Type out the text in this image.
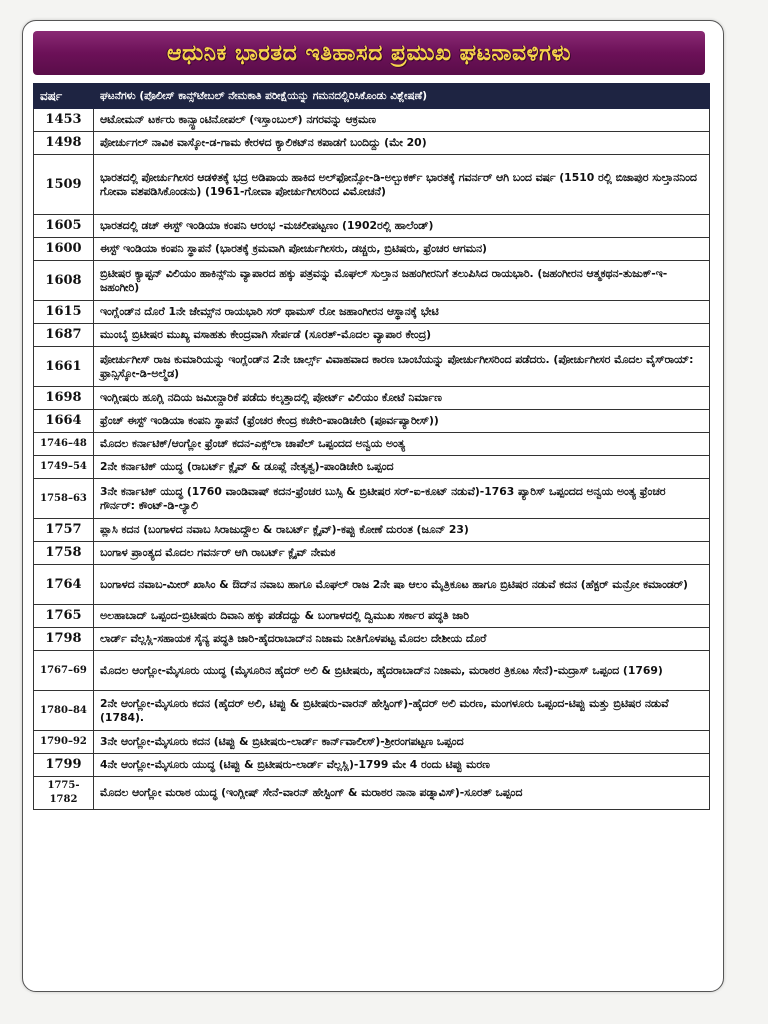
ಆಧುನಿಕ ಭಾರತದ ಇತಿಹಾಸದ ಪ್ರಮುಖ ಘಟನಾವಳಿಗಳು
ವರ್ಷ	ಘಟನೆಗಳು (ಪೊಲೀಸ್ ಕಾನ್ಸ್‌ಟೇಬಲ್ ನೇಮಕಾತಿ ಪರೀಕ್ಷೆಯನ್ನು ಗಮನದಲ್ಲಿರಿಸಿಕೊಂಡು ವಿಶ್ಲೇಷಣೆ)
1453	ಆಟೋಮನ್ ಟರ್ಕರು ಕಾನ್ಸ್ಟಾಂಟಿನೋಪಲ್ (ಇಸ್ತಾಂಬುಲ್) ನಗರವನ್ನು ಆಕ್ರಮಣ
1498	ಪೋರ್ಚುಗಲ್ ನಾವಿಕ ವಾಸ್ಕೋ-ಡ-ಗಾಮ ಕೇರಳದ ಕ್ಯಾಲಿಕಟ್‌ನ ಕಪಾಡಗೆ ಬಂದಿದ್ದು (ಮೇ 20)
1509	ಭಾರತದಲ್ಲಿ ಪೋರ್ಚುಗೀಸರ ಆಡಳಿತಕ್ಕೆ ಭದ್ರ ಅಡಿಪಾಯ ಹಾಕಿದ ಅಲ್‌ಫೋನ್ಸೋ-ಡಿ-ಅಲ್ಬುಕರ್ಕ್ ಭಾರತಕ್ಕೆ ಗವರ್ನರ್ ಆಗಿ ಬಂದ ವರ್ಷ (1510 ರಲ್ಲಿ ಬಿಜಾಪುರ ಸುಲ್ತಾನನಿಂದ ಗೋವಾ ವಶಪಡಿಸಿಕೊಂಡನು) (1961-ಗೋವಾ ಪೋರ್ಚುಗೀಸರಿಂದ ವಿಮೋಚನೆ)
1605	ಭಾರತದಲ್ಲಿ ಡಚ್ ಈಸ್ಟ್ ಇಂಡಿಯಾ ಕಂಪನಿ ಆರಂಭ -ಮಚಲೀಪಟ್ಟಣಂ (1902ರಲ್ಲಿ ಹಾಲೆಂಡ್)
1600	ಈಸ್ಟ್ ಇಂಡಿಯಾ ಕಂಪನಿ ಸ್ಥಾಪನೆ (ಭಾರತಕ್ಕೆ ಕ್ರಮವಾಗಿ ಪೋರ್ಚುಗೀಸರು, ಡಚ್ಚರು, ಬ್ರಿಟಿಷರು, ಫ್ರೆಂಚರ ಆಗಮನ)
1608	ಬ್ರಿಟೀಷರ ಕ್ಯಾಪ್ಟನ್ ವಿಲಿಯಂ ಹಾಕಿನ್ಸ್‌ನು ವ್ಯಾಪಾರದ ಹಕ್ಕು ಪತ್ರವನ್ನು ಮೊಘಲ್ ಸುಲ್ತಾನ ಜಹಂಗೀರನಿಗೆ ತಲುಪಿಸಿದ ರಾಯಭಾರಿ. (ಜಹಂಗೀರನ ಆತ್ಮಕಥನ-ತುಜುಕ್-ಇ-ಜಹಂಗೀರಿ)
1615	ಇಂಗ್ಲೆಂಡ್‌ನ ದೊರೆ 1ನೇ ಜೇಮ್ಸ್‌ನ ರಾಯಭಾರಿ ಸರ್ ಥಾಮಸ್ ರೋ ಜಹಾಂಗೀರನ ಆಸ್ಥಾನಕ್ಕೆ ಭೇಟಿ
1687	ಮುಂಬೈ ಬ್ರಿಟೀಷರ ಮುಖ್ಯ ವಸಾಹತು ಕೇಂದ್ರವಾಗಿ ಸೇರ್ಪಡೆ (ಸೂರತ್-ಮೊದಲ ವ್ಯಾಪಾರ ಕೇಂದ್ರ)
1661	ಪೋರ್ಚುಗೀಸ್ ರಾಜ ಕುಮಾರಿಯನ್ನು ಇಂಗ್ಲೆಂಡ್‌ನ 2ನೇ ಚಾರ್ಲ್ಸ್ ವಿವಾಹವಾದ ಕಾರಣ ಬಾಂಬೆಯನ್ನು ಪೋರ್ಚುಗೀಸರಿಂದ ಪಡೆದರು. (ಪೋರ್ಚುಗೀಸರ ಮೊದಲ ವೈಸ್‌ರಾಯ್: ಫ್ರಾನ್ಸಿಸ್ಕೋ-ಡಿ-ಅಲ್ಮೆಡ)
1698	ಇಂಗ್ಲೀಷರು ಹೂಗ್ಲಿ ನದಿಯ ಜಮೀನ್ದಾರಿಕೆ ಪಡೆದು ಕಲ್ಕತ್ತಾದಲ್ಲಿ ಪೋರ್ಟ್ ವಿಲಿಯಂ ಕೋಟೆ ನಿರ್ಮಾಣ
1664	ಫ್ರೆಂಚ್ ಈಸ್ಟ್ ಇಂಡಿಯಾ ಕಂಪನಿ ಸ್ಥಾಪನೆ (ಫ್ರೆಂಚರ ಕೇಂದ್ರ ಕಚೇರಿ-ಪಾಂಡಿಚೇರಿ (ಪೂರ್ವಪ್ಯಾರೀಸ್))
1746–48	ಮೊದಲ ಕರ್ನಾಟಿಕ್/ಆಂಗ್ಲೋ ಫ್ರೆಂಚ್ ಕದನ-ಎಕ್ಸ್‌ಲಾ ಚಾಪೆಲ್ ಒಪ್ಪಂದದ ಅನ್ವಯ ಅಂತ್ಯ
1749–54	2ನೇ ಕರ್ನಾಟಿಕ್ ಯುದ್ಧ (ರಾಬರ್ಟ್ ಕ್ಲೈವ್ & ಡೂಪ್ಲೆ ನೇತೃತ್ವ)-ಪಾಂಡಿಚೇರಿ ಒಪ್ಪಂದ
1758–63	3ನೇ ಕರ್ನಾಟಿಕ್ ಯುದ್ಧ (1760 ವಾಂಡಿವಾಷ್ ಕದನ-ಫ್ರೆಂಚರ ಬುಸ್ಸಿ & ಬ್ರಿಟೀಷರ ಸರ್-ಐ-ಕೂಟ್ ನಡುವೆ)-1763 ಪ್ಯಾರಿಸ್ ಒಪ್ಪಂದದ ಅನ್ವಯ ಅಂತ್ಯ ಫ್ರೆಂಚರ ಗೌರ್ನರ್: ಕೌಂಟ್-ಡಿ-ಲ್ಯಾಲಿ
1757	ಪ್ಲಾಸಿ ಕದನ (ಬಂಗಾಳದ ನವಾಬ ಸಿರಾಜುದ್ದೌಲ & ರಾಬರ್ಟ್ ಕ್ಲೈವ್)-ಕಪ್ಪು ಕೋಣೆ ದುರಂತ (ಜೂನ್ 23)
1758	ಬಂಗಾಳ ಪ್ರಾಂತ್ಯದ ಮೊದಲ ಗವರ್ನರ್ ಆಗಿ ರಾಬರ್ಟ್ ಕ್ಲೈವ್ ನೇಮಕ
1764	ಬಂಗಾಳದ ನವಾಬ-ಮೀರ್ ಖಾಸಿಂ & ಔದ್‌ನ ನವಾಬ ಹಾಗೂ ಮೊಘಲ್ ರಾಜ 2ನೇ ಷಾ ಆಲಂ ಮೈತ್ರಿಕೂಟ ಹಾಗೂ ಬ್ರಿಟಿಷರ ನಡುವೆ ಕದನ (ಹೆಕ್ಟರ್ ಮನ್ರೋ ಕಮಾಂಡರ್)
1765	ಅಲಹಾಬಾದ್ ಒಪ್ಪಂದ-ಬ್ರಿಟೀಷರು ದಿವಾನಿ ಹಕ್ಕು ಪಡೆದದ್ದು & ಬಂಗಾಳದಲ್ಲಿ ದ್ವಿಮುಖ ಸರ್ಕಾರ ಪದ್ಧತಿ ಜಾರಿ
1798	ಲಾರ್ಡ್ ವೆಲ್ಲಸ್ಲಿ-ಸಹಾಯಕ ಸೈನ್ಯ ಪದ್ಧತಿ ಜಾರಿ-ಹೈದರಾಬಾದ್‌ನ ನಿಜಾಮ ನೀತಿಗೊಳಪಟ್ಟ ಮೊದಲ ದೇಶೀಯ ದೊರೆ
1767–69	ಮೊದಲ ಆಂಗ್ಲೋ-ಮೈಸೂರು ಯುದ್ಧ (ಮೈಸೂರಿನ ಹೈದರ್ ಅಲಿ & ಬ್ರಿಟೀಷರು, ಹೈದರಾಬಾದ್‌ನ ನಿಜಾಮ, ಮರಾಠರ ತ್ರಿಕೂಟ ಸೇನೆ)-ಮದ್ರಾಸ್ ಒಪ್ಪಂದ (1769)
1780–84	2ನೇ ಆಂಗ್ಲೋ-ಮೈಸೂರು ಕದನ (ಹೈದರ್ ಅಲಿ, ಟಿಪ್ಪು & ಬ್ರಿಟೀಷರು-ವಾರನ್ ಹೇಸ್ಟಿಂಗ್)-ಹೈದರ್ ಅಲಿ ಮರಣ, ಮಂಗಳೂರು ಒಪ್ಪಂದ-ಟಿಪ್ಪು ಮತ್ತು ಬ್ರಿಟಿಷರ ನಡುವೆ (1784).
1790–92	3ನೇ ಆಂಗ್ಲೋ-ಮೈಸೂರು ಕದನ (ಟಿಪ್ಪು & ಬ್ರಿಟೀಷರು-ಲಾರ್ಡ್ ಕಾರ್ನ್‌ವಾಲೀಸ್)-ಶ್ರೀರಂಗಪಟ್ಟಣ ಒಪ್ಪಂದ
1799	4ನೇ ಆಂಗ್ಲೋ-ಮೈಸೂರು ಯುದ್ಧ (ಟಿಪ್ಪು & ಬ್ರಿಟೀಷರು-ಲಾರ್ಡ್ ವೆಲ್ಲಸ್ಲಿ)-1799 ಮೇ 4 ರಂದು ಟಿಪ್ಪು ಮರಣ
1775-1782	ಮೊದಲ ಆಂಗ್ಲೋ ಮರಾಠ ಯುದ್ಧ (ಇಂಗ್ಲೀಷ್ ಸೇನೆ-ವಾರನ್ ಹೇಸ್ಟಿಂಗ್ & ಮರಾಠರ ನಾನಾ ಪಡ್ನಾವಿಸ್)-ಸೂರತ್ ಒಪ್ಪಂದ
